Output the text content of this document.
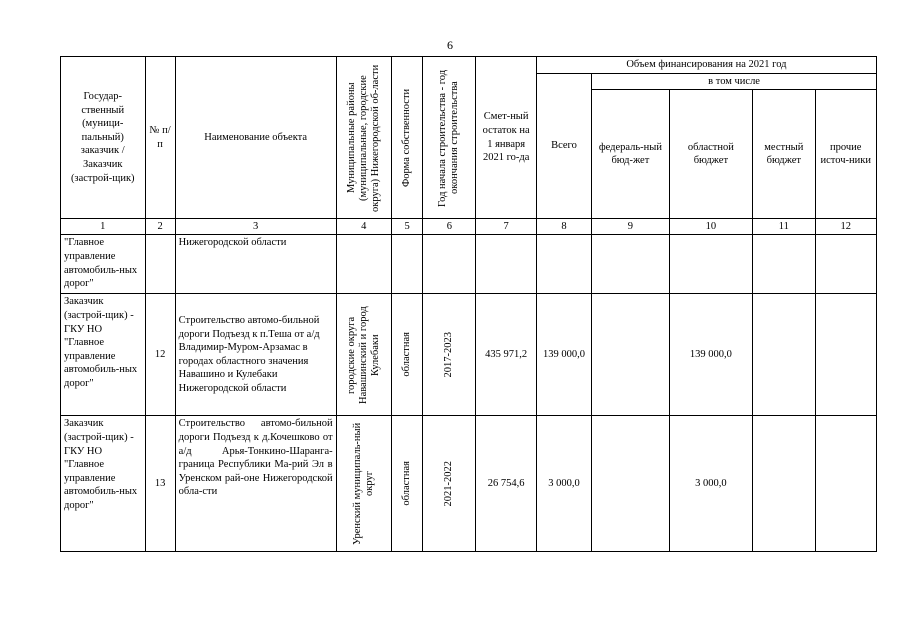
6
Государ-ственный (муници-пальный) заказчик / Заказчик (застрой-щик)	№ п/п	Наименование объекта	Муниципальные районы (муниципальные, городские округа) Нижегородской об-ласти	Форма собственности	Год начала строительства - год окончания строительства	Смет-ный остаток на 1 января 2021 го-да	Объем финансирования на 2021 год				
							Всего	в том числе			
								федераль-ный бюд-жет	областной бюджет	местный бюджет	прочие источ-ники
1	2	3	4	5	6	7	8	9	10	11	12
"Главное управление автомобиль-ных дорог"		Нижегородской области									
Заказчик (застрой-щик) - ГКУ НО "Главное управление автомобиль-ных дорог"	12	Строительство автомо-бильной дороги Подъезд к п.Теша от а/д Владимир-Муром-Арзамас в городах областного значения Навашино и Кулебаки Нижегородской области	городские округа Навашинский и город Кулебаки	областная	2017-2023	435 971,2	139 000,0		139 000,0		
Заказчик (застрой-щик) - ГКУ НО "Главное управление автомобиль-ных дорог"	13	Строительство автомо-бильной дороги Подъезд к д.Кочешково от а/д Арья-Тонкино-Шаранга-граница Республики Ма-рий Эл в Уренском рай-оне Нижегородской обла-сти	Уренский муниципаль-ный округ	областная	2021-2022	26 754,6	3 000,0		3 000,0		
